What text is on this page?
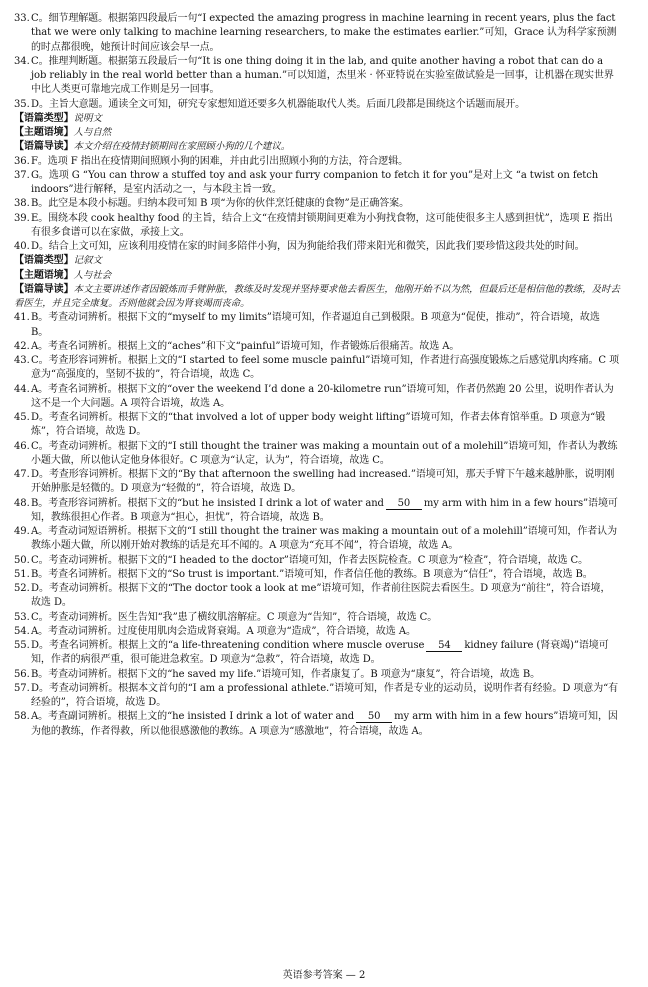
33. C。细节理解题。根据第四段最后一句“I expected the amazing progress in machine learning in recent years, plus the fact that we were only talking to machine learning researchers, to make the estimates earlier.”可知，Grace 认为科学家预测的时点都很晚，她预计时间应该会早一点。

34. C。推理判断题。根据第五段最后一句“It is one thing doing it in the lab, and quite another having a robot that can do a job reliably in the real world better than a human.”可以知道，杰里米 · 怀亚特说在实验室做试验是一回事，让机器在现实世界中比人类更可靠地完成工作则是另一回事。

35. D。主旨大意题。通读全文可知，研究专家想知道还要多久机器能取代人类。后面几段都是围绕这个话题而展开。

【语篇类型】说明文

【主题语境】人与自然

【语篇导读】本文介绍在疫情封锁期间在家照顾小狗的几个建议。

36. F。选项 F 指出在疫情期间照顾小狗的困难，并由此引出照顾小狗的方法，符合逻辑。

37. G。选项 G “You can throw a stuffed toy and ask your furry companion to fetch it for you”是对上文 “a twist on fetch indoors”进行解释，是室内活动之一，与本段主旨一致。

38. B。此空是本段小标题。归纳本段可知 B 项“为你的伙伴烹饪健康的食物”是正确答案。

39. E。围绕本段 cook healthy food 的主旨，结合上文“在疫情封锁期间更难为小狗找食物，这可能使很多主人感到担忧”，选项 E 指出有很多食谱可以在家做，承接上文。

40. D。结合上文可知，应该利用疫情在家的时间多陪伴小狗，因为狗能给我们带来阳光和微笑，因此我们要珍惜这段共处的时间。

【语篇类型】记叙文

【主题语境】人与社会

【语篇导读】本文主要讲述作者因锻炼而手臂肿胀，教练及时发现并坚持要求他去看医生，他刚开始不以为然，但最后还是相信他的教练，及时去看医生，并且完全康复。否则他就会因为肾衰竭而丧命。

41. B。考查动词辨析。根据下文的“myself to my limits”语境可知，作者逼迫自己到极限。B 项意为“促使，推动”，符合语境，故选 B。

42. A。考查名词辨析。根据上文的“aches”和下文“painful”语境可知，作者锻炼后很痛苦。故选 A。

43. C。考查形容词辨析。根据上文的“I started to feel some muscle painful”语境可知，作者进行高强度锻炼之后感觉肌肉疼痛。C 项意为“高强度的，坚韧不拔的”，符合语境，故选 C。

44. A。考查名词辨析。根据下文的“over the weekend I’d done a 20-kilometre run”语境可知，作者仍然跑 20 公里，说明作者认为这不是一个大问题。A 项符合语境，故选 A。

45. D。考查名词辨析。根据下文的“that involved a lot of upper body weight lifting”语境可知，作者去体育馆举重。D 项意为“锻炼”，符合语境，故选 D。

46. C。考查动词辨析。根据下文的“I still thought the trainer was making a mountain out of a molehill”语境可知，作者认为教练小题大做，所以他认定他身体很好。C 项意为“认定，认为”，符合语境，故选 C。

47. D。考查形容词辨析。根据下文的“By that afternoon the swelling had increased.”语境可知，那天手臂下午越来越肿胀，说明刚开始肿胀是轻微的。D 项意为“轻微的”，符合语境，故选 D。

48. B。考查形容词辨析。根据下文的“but he insisted I drink a lot of water and 50 my arm with him in a few hours”语境可知，教练很担心作者。B 项意为“担心，担忧”，符合语境，故选 B。

49. A。考查动词短语辨析。根据下文的“I still thought the trainer was making a mountain out of a molehill”语境可知，作者认为教练小题大做，所以刚开始对教练的话是充耳不闻的。A 项意为“充耳不闻”，符合语境，故选 A。

50. C。考查动词辨析。根据下文的“I headed to the doctor”语境可知，作者去医院检查。C 项意为“检查”，符合语境，故选 C。

51. B。考查名词辨析。根据下文的“So trust is important.”语境可知，作者信任他的教练。B 项意为“信任”，符合语境，故选 B。

52. D。考查动词辨析。根据下文的“The doctor took a look at me”语境可知，作者前往医院去看医生。D 项意为“前往”，符合语境，故选 D。

53. C。考查动词辨析。医生告知“我”患了横纹肌溶解症。C 项意为“告知”，符合语境，故选 C。

54. A。考查动词辨析。过度使用肌肉会造成肾衰竭。A 项意为“造成”，符合语境，故选 A。

55. D。考查名词辨析。根据上文的“a life-threatening condition where muscle overuse 54 kidney failure (肾衰竭)”语境可知，作者的病很严重，很可能进急救室。D 项意为“急救”，符合语境，故选 D。

56. B。考查动词辨析。根据下文的“he saved my life.”语境可知，作者康复了。B 项意为“康复”，符合语境，故选 B。

57. D。考查动词辨析。根据本文首句的“I am a professional athlete.”语境可知，作者是专业的运动员，说明作者有经验。D 项意为“有经验的”，符合语境，故选 D。

58. A。考查副词辨析。根据上文的“he insisted I drink a lot of water and 50 my arm with him in a few hours”语境可知，因为他的教练，作者得救，所以他很感激他的教练。A 项意为“感激地”，符合语境，故选 A。

英语参考答案 — 2
